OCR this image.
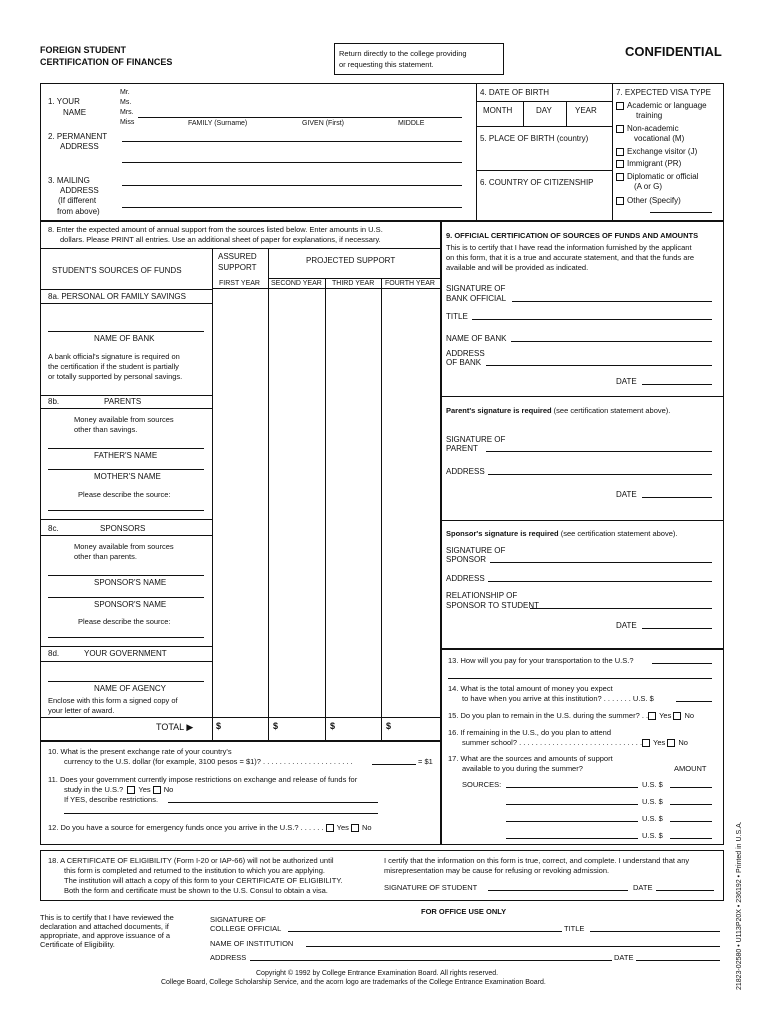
FOREIGN STUDENT
CERTIFICATION OF FINANCES
Return directly to the college providing
or requesting this statement.
CONFIDENTIAL
1. YOUR
NAME
Mr.
Ms.
Mrs.
Miss	FAMILY (Surname)	GIVEN (First)	MIDDLE
2. PERMANENT
ADDRESS
3. MAILING
ADDRESS
(If different
from above)
4. DATE OF BIRTH
MONTH	DAY	YEAR
5. PLACE OF BIRTH (country)
6. COUNTRY OF CITIZENSHIP
7. EXPECTED VISA TYPE
Academic or language
training
Non-academic
vocational (M)
Exchange visitor (J)
Immigrant (PR)
Diplomatic or official
(A or G)
Other (Specify)
8. Enter the expected amount of annual support from the sources listed below. Enter amounts in U.S.
dollars. Please PRINT all entries. Use an additional sheet of paper for explanations, if necessary.
STUDENT'S SOURCES OF FUNDS
ASSURED
SUPPORT
PROJECTED SUPPORT
FIRST YEAR SECOND YEAR THIRD YEAR FOURTH YEAR
8a. PERSONAL OR FAMILY SAVINGS
NAME OF BANK
A bank official's signature is required on
the certification if the student is partially
or totally supported by personal savings.
8b.	PARENTS
Money available from sources
other than savings.
FATHER'S NAME
MOTHER'S NAME
Please describe the source:
8c.	SPONSORS
Money available from sources
other than parents.
SPONSOR'S NAME
SPONSOR'S NAME
Please describe the source:
8d.	YOUR GOVERNMENT
NAME OF AGENCY
Enclose with this form a signed copy of
your letter of award.
TOTAL ▶	$	$	$	$
9. OFFICIAL CERTIFICATION OF SOURCES OF FUNDS AND AMOUNTS
This is to certify that I have read the information furnished by the applicant
on this form, that it is a true and accurate statement, and that the funds are
available and will be provided as indicated.
SIGNATURE OF
BANK OFFICIAL
TITLE
NAME OF BANK
ADDRESS
OF BANK
DATE
Parent's signature is required (see certification statement above).
SIGNATURE OF
PARENT
ADDRESS
DATE
Sponsor's signature is required (see certification statement above).
SIGNATURE OF
SPONSOR
ADDRESS
RELATIONSHIP OF
SPONSOR TO STUDENT
DATE
10. What is the present exchange rate of your country's
currency to the U.S. dollar (for example, 3100 pesos = $1)? . . . . . . . . . . . . . . . . . . . . . .	= $1
11. Does your government currently impose restrictions on exchange and release of funds for
study in the U.S.? Yes No
If YES, describe restrictions.
12. Do you have a source for emergency funds once you arrive in the U.S.? . . . . . . Yes No
13. How will you pay for your transportation to the U.S.?
14. What is the total amount of money you expect
to have when you arrive at this institution? . . . . . . . U.S. $
15. Do you plan to remain in the U.S. during the summer? . . Yes No
16. If remaining in the U.S., do you plan to attend
summer school? . . . . . . . . . . . . . . . . . . . . . . . . . . . . . . Yes No
17. What are the sources and amounts of support
available to you during the summer?	AMOUNT
SOURCES:	U.S. $
U.S. $
U.S. $
U.S. $
18. A CERTIFICATE OF ELIGIBILITY (Form I-20 or IAP-66) will not be authorized until
this form is completed and returned to the institution to which you are applying.
The institution will attach a copy of this form to your CERTIFICATE OF ELIGIBILITY.
Both the form and certificate must be shown to the U.S. Consul to obtain a visa.
I certify that the information on this form is true, correct, and complete. I understand that any
misrepresentation may be cause for refusing or revoking admission.
SIGNATURE OF STUDENT	DATE
FOR OFFICE USE ONLY
This is to certify that I have reviewed the
declaration and attached documents, if
appropriate, and approve issuance of a
Certificate of Eligibility.
SIGNATURE OF
COLLEGE OFFICIAL	TITLE
NAME OF INSTITUTION
ADDRESS	DATE
Copyright © 1992 by College Entrance Examination Board. All rights reserved.
College Board, College Scholarship Service, and the acorn logo are trademarks of the College Entrance Examination Board.	21823-02580 • U113P20X • 236192 • Printed in U.S.A.
